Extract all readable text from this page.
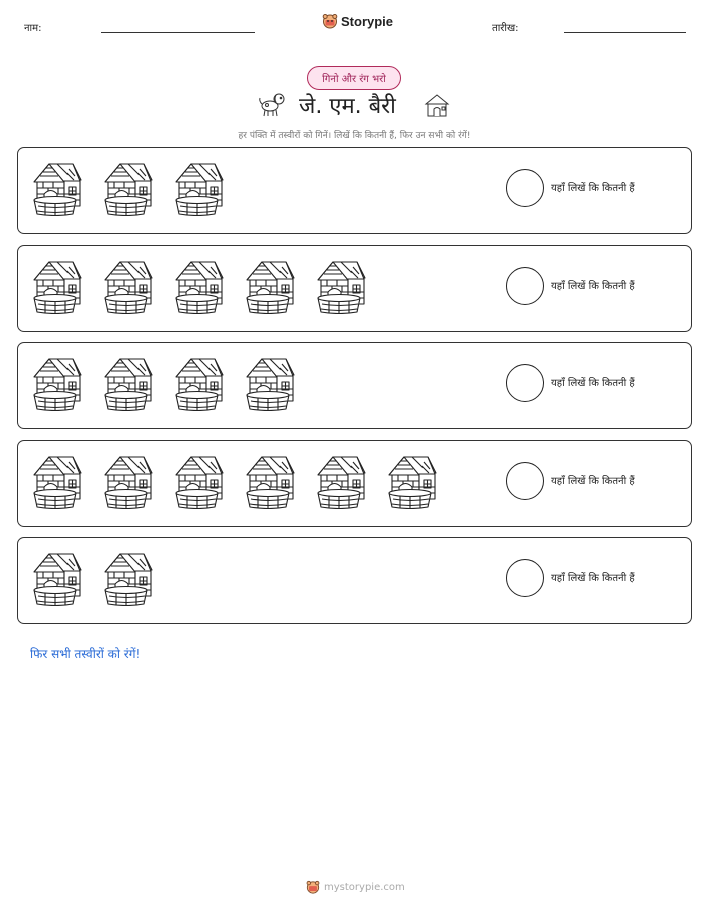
नाम:	Storypie	तारीख:
गिनो और रंग भरो
जे. एम. बैरी
हर पंक्ति में तस्वीरों को गिनें। लिखें कि कितनी हैं, फिर उन सभी को रंगें!
यहाँ लिखें कि कितनी हैं
यहाँ लिखें कि कितनी हैं
यहाँ लिखें कि कितनी हैं
यहाँ लिखें कि कितनी हैं
यहाँ लिखें कि कितनी हैं
फिर सभी तस्वीरों को रंगें!
mystorypie.com
